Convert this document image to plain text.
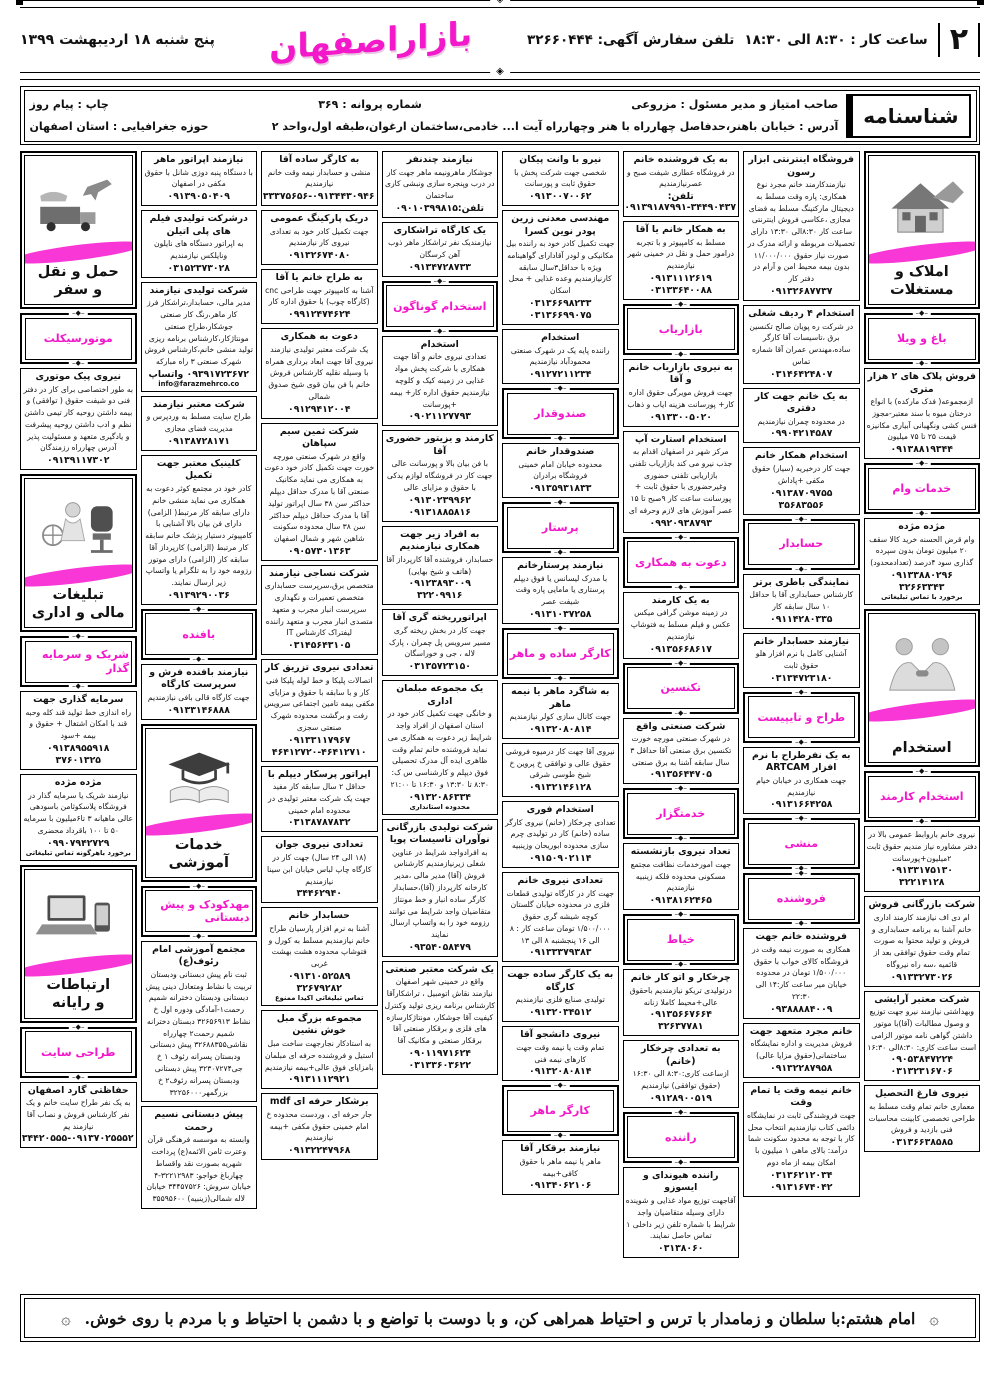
◈
۲
ساعت کار : ۸:۳۰ الی ۱۸:۳۰
تلفن سفارش آگهی: ۳۲۶۶۰۴۴۴
بازاراصفهان
پنج شنبه ۱۸ اردیبهشت ۱۳۹۹
◈
شناسنامه
صاحب امتیاز و مدیر مسئول : مزروعی
شماره پروانه : ۳۶۹
چاپ : پیام روز
آدرس : خیابان باهنر،حدفاصل چهارراه با هنر وچهارراه آیت ا... خادمی،ساختمان ارغوان،طبقه اول،واحد ۲
حوزه جغرافیایی : استان اصفهان
املاک و
مستغلات
–◆– باغ و ویلا
–◆–
فروش پلاک های ۲ هزار متری
ازمجموعه( فدک مارکده) با انواع درختان میوه با سند معتبر-مجوز فنس کشی ونگهبانی آبیاری مکانیزه قیمت ۲۵ تا ۷۵ میلیون
۰۹۱۳۸۸۱۹۳۴۴
–◆– خدمات وام
–◆–
مژده مژده
وام قرض الحسنه خرید کالا سقف ۲۰ میلیون تومان بدون سپرده گذاری سود ۴درصد (تعدادمحدود)
۰۹۱۳۳۸۸۰۲۹۶
۳۲۶۶۳۳۴۳
برخورد با تماس تبلیغاتی
استخدام
–◆– استخدام کارمند
–◆–
نیروی خانم باروابط عمومی بالا در دفتر مشاوره نیاز مندیم حقوق ثابت ۲میلیون+پورسانت
۰۹۱۳۳۱۷۵۱۳۰
۳۲۲۱۴۱۲۸
شرکت بازرگانی فروش
ام دی اف نیازمند کارمند اداری خانم آشنا به برنامه حسابداری و فروش و تولید محتوا به صورت تمام وقت حقوق توافقی بعد از قائمیه ،سه راه نیروگاه
۰۹۱۳۳۲۷۳۰۲۶
شرکت معتبر آرایشی
وبهداشتی نیازمند نیرو جهت توزیع و وصول مطالبات (آقا)با موتور داشتن گواهی نامه موتور الزامی است ساعت کاری: ۸:۳۰الی ۱۶:۳۰
۰۹۰۵۳۸۴۷۲۲۴
۰۳۱۳۲۳۱۶۷۰۶
نیروی فارغ التحصیل
معماری خانم تمام وقت مسلط به طراحی تخصصی کابینت محاسبات فنی بازدید و فروش
۰۳۱۳۶۶۳۸۵۸۵
فروشگاه اینترنتی ابزار رسون
نیازمندکارمند خانم مجرد نوع همکاری: پاره وقت مسلط به دیجیتال مارکتینگ مسلط به فضای مجازی ،عکاسی فروش اینترنتی ساعت کار ۸:۳۰الی ۱۳:۳۰ دارای تحصیلات مربوطه و ارائه مدرک در صورت نیاز حقوق ۱۱/۰۰۰/۰۰۰ بدون بیمه محیط امن و آرام در دفتر کار
۰۹۱۳۲۶۸۷۷۳۷
استخدام ۴ ردیف شغلی
در شرکت ره پویان صالح تکنسین برق ،تاسیسات آقا کارگر ساده،مهندس عمران آقا شماره تماس
۰۳۱۴۶۴۲۴۸۰۷
به یک خانم جهت کار دفتری
در محدوده چمران نیازمندیم
۰۹۹۰۴۲۱۴۵۸۷
استخدام همکار خانم
جهت کار درخیریه (سیار) حقوق مکفی +پاداش
۰۹۱۳۸۷۰۹۷۵۵
۳۵۶۸۳۵۵۶
–◆– حسابدار
–◆–
نمایندگی باطری برتر
کارشناس حسابداری آقا با حداقل ۱۰ سال سابقه کار
۰۹۱۱۴۲۸۰۳۳۵
نیازمند حسابدار خانم
آشنایی کامل با نرم افزار هلو حقوق ثابت
۰۳۱۳۴۷۲۳۱۸۰
–◆– طراح و تایپیست
–◆–
به یک نفرطراح با نرم افزار ARTCAM
جهت همکاری در خیابان خیام نیازمندیم
۰۹۱۳۱۶۶۴۲۵۸
–◆– منشی
–◆–
–◆– فروشنده
–◆–
فروشنده خانم جهت
همکاری به صورت نیمه وقت در فروشگاه کالای خواب با حقوق ۱/۵۰۰/۰۰۰ تومان در محدوده خیابان میر ساعت کار:۱۴ الی ۲۲:۳۰
۰۹۳۸۸۸۸۴۰۰۹
خانم مجرد متعهد جهت
فروش مدیریت و اداره نمایشگاه ساختمانی(حقوق مزایا عالی)
۰۹۱۳۲۲۸۷۹۵۸
خانم نیمه وقت یا تمام وقت
جهت فروشندگی ثابت در نمایشگاه دائمی کتاب نیازمندیم انتخاب محل کار با توجه به محدود سکونت شما درآمد: بالای ماهی ۱ میلیون با امکان بیمه از ماه دوم
۰۳۱۳۶۲۱۲۰۳۴
۰۹۱۳۱۶۷۴۰۴۲
به یک فروشنده خانم
در فروشگاه عطاری شیفت صبح و عصرنیازمندیم
تلفن: ۳۴۴۹۰۴۳۷-۰۹۱۳۹۱۸۷۹۹۱
به همکار خانم یا آقا
مسلط به کامپیوتر و با تجربه درامور حمل و نقل در خمینی شهر نیازمندیم
۰۹۱۳۱۱۱۲۶۱۹
۰۳۱۳۳۶۴۰۰۸۸
–◆– بازاریاب
–◆–
به نیروی بازاریاب خانم و آقا
جهت فروش مویرگی حقوق اداره کار+ پورسانت هزینه ایاب و ذهاب
۰۹۱۳۳۰۰۵۰۲۰
استخدام استارت آپ
مرکز شهر در اصفهان اقدام به جذب نیرو می کند بازاریاب تلفنی بازاریابی تلفنی حضوری وغیرحضوری با حقوق ثابت + پورسانت ساعت کار ۹صبح تا ۱۵ عصر آموزش های لازم وحرفه ای
۰۹۹۲۰۹۳۸۷۹۳
–◆– دعوت به همکاری
–◆–
به یک کارمند
در زمینه موشن گرافی میکس عکس و فیلم مسلط به فتوشاپ نیازمندیم
۰۹۱۳۵۶۶۸۶۱۷
–◆– تکنسین
–◆–
شرکت صنعتی واقع
در شهرک صنعتی مورچه خورت تکنسین برق صنعتی آقا حداقل ۳ سال سابقه آشنا به برق صنعتی
۰۹۱۳۵۶۴۴۷۰۵
–◆– خدمتگزار
–◆–
تعداد نیروی بازنشسته
جهت امورخدمات نظافت مجتمع مسکونی محدوده فلکه زینبیه نیازمندیم
۰۹۱۳۸۱۶۲۴۶۵
–◆– خیاط
–◆–
چرخکار و اتو کار خانم
درتولیدی تریکو نیازمندیم باحقوق عالی+محیط کاملا زنانه
۰۹۱۳۵۶۶۷۶۶۴
۳۲۶۳۷۷۸۱
به تعدادی چرخکار (خانم)
ازساعت کاری:۸:۳۰ الی ۱۶:۳۰ (حقوق توافقی) نیازمندیم
۰۹۱۲۸۹۰۰۵۱۹
–◆– راننده
–◆–
راننده هیوندای و ایسوزو
آقاجهت توزیع مواد غذایی و شوینده دارای وسیله متقاضیان واجد شرایط با شماره تلفن زیر داخلی ۱ تماس حاصل نمایند.
۰۳۱۳۸۰۶۰
نیرو با وانت پیکان
شخصی جهت شرکت پخش با حقوق ثابت و پورسانت
۰۹۱۳۰۰۷۰۰۶۲
مهندسی معدنی زرین پودر نوین کسرا
جهت تکمیل کادر خود به راننده بیل مکانیکی و لودر آقادارای گواهینامه ویژه با حداقل۳سال سابقه کارنیازمندیم وعده غذایی + محل اسکان
۰۳۱۳۶۶۹۸۲۳۳
۰۳۱۳۶۶۹۹۰۷۵
استخدام
راننده پایه یک در شهرک صنعتی محمودآباد نیازمندیم
۰۹۱۲۷۲۱۱۲۳۴
–◆– صندوقدار
–◆–
صندوقدار خانم
محدوده خیابان امام خمینی فروشگاه برادران
۰۹۱۳۵۹۳۱۸۳۳
–◆– پرستار
–◆–
نیازمند پرستارخانم
با مدرک لیسانس یا فوق دیپلم پرستاری یا مامایی پاره وقت شیفت عصر
۰۹۱۳۱۰۳۷۲۵۸
–◆– کارگر ساده و ماهر
–◆–
به شاگرد ماهر یا نیمه ماهر
جهت کانال سازی کولر نیازمندیم
۰۹۱۳۲۰۸۰۸۱۴
نیروی آقا جهت کار درمیوه فروشی حقوق عالی و توافقی خ پروین خ شیخ طوسی شرقی
۰۹۱۳۲۱۴۶۱۲۸
استخدام فوری
تعدادی چرخکار (خانم) نیروی کارگر ساده (خانم) کار در تولیدی چرم سازی محدوده ابوریحان وزینبیه
۰۹۱۵۰۹۰۲۱۱۴
تعدادی نیروی خانم
جهت کار در کارگاه تولیدی قطعات فلزی در محدوده خیابان گلستان کوچه شیشه گری حقوق ۱/۵۰۰/۰۰۰ تومان ساعت کار : ۸ الی ۱۶ پنجشنبه ۸ الی ۱۳
۰۹۱۳۳۳۷۹۳۸۳
به یک کارگر ساده جهت کارگاه
تولیدی صنایع فلزی نیازمندیم
۰۹۱۳۲۰۳۴۵۱۲
نیروی دانشجو آقا
تمام وقت یا نیمه وقت جهت کارهای نیمه فنی
۰۹۱۳۲۰۸۰۸۱۴
–◆– کارگر ماهر
–◆–
نیازمند برقکار آقا
ماهر یا نیمه ماهر با حقوق کافی+بیمه
۰۹۱۳۴۰۶۲۱۰۶
نیازمند چندنفر
جوشکار ماهرونیمه ماهر جهت کار در درب وپنجره سازی ونبشی کاری ساختمان
تلفن:۰۹۰۱۰۳۹۹۸۱۵
یک کارگاه تراشکاری
نیازمندیک نفر تراشکار ماهر ذوب آهن کرسگان
۰۹۱۳۴۷۲۸۷۳۳
–◆– استخدام گوناگون
–◆–
استخدام
تعدادی نیروی خانم و آقا جهت همکاری با شرکت پخش مواد غذایی در زمینه کیک و کلوچه نیازمندیم حقوق اداره کار+ بیمه +پورسانت
۰۹۰۲۱۱۲۷۷۹۳
کارمند و یزیتور حضوری آقا
با فن بیان بالا و پورسانت عالی جهت کار در فروشگاه لوازم یدکی با حقوق و مزایای عالی
۰۹۱۳۰۲۳۹۹۶۲
۰۹۱۳۱۸۸۵۸۱۶
به افراد زیر جهت همکاری نیازمندیم
حسابدار، فروشنده آقا کارپرداز آقا (هاتف و شیخ بهایی)
۰۹۱۲۳۸۹۳۰۰۹
۳۲۲۰۹۹۱۶
اپراتورریخته گری آقا
جهت کار در بخش ریخته گری مسیر سرویس پل چمران ، پارک لاله ، جی و خوراسگان
۰۳۱۳۵۷۲۳۱۵۰
یک مجموعه مبلمان اداری
و خانگی جهت تکمیل کادر خود در استان اصفهان از افراد واجد شرایط زیر دعوت به همکاری می نماید فروشنده خانم تمام وقت ظاهری ایده آل مدرک تحصیلی فوق دیپلم و کارشناسی س ک: ۸:۳۰ تا ۱۳:۳۰ و ۱۶:۳۰ تا ۲۱:۰۰
۰۹۱۳۲۰۸۶۳۳۴
محدوده استانداری
شرکت تولیدی بازرگانی نوآوران تاسیسات پویا
به افرادواجد شرایط در عناوین شغلی زیرنیازمندیم کارشناس فروش (آقا) مدیر مالی ،مدیر کارخانه کارپرداز (آقا)،حسابدار کارگر ساده انبار و خط مونتاژ متقاضیان واجد شرایط می توانند رزومه خود را به واتساپ ارسال نمایند
۰۹۳۵۴۰۵۸۴۷۹
یک شرکت معتبر صنعتی
واقع در خمینی شهر اصفهان نیازمند نقاش اتومبیل ، تراشکارآقا کارشناس برنامه ریزی تولید وکنترل کیفیت آقا جوشکار، مونتاژکارسازه های فلزی و برقکار صنعتی آقا برقکار صنعتی و مکانیک آقا
۰۹۰۱۱۹۷۱۶۲۴
۰۳۱۳۳۶۰۳۶۲۲
به کارگر ساده آقا
منشی و حسابدار نیمه وقت خانم نیازمندیم
۳۳۳۷۵۶۵۶-۰۹۱۳۴۴۳۰۹۴۶
دریک پارکینگ عمومی
جهت تکمیل کادر خود به تعدادی نیروی کار نیازمندیم
۰۹۱۳۲۶۷۴۰۸۰
به طراح خانم یا آقا
آشنا به کامپیوتر جهت طراحی cnc (کارگاه چوب) با حقوق اداره کار
۰۹۹۱۲۴۷۴۶۲۴
دعوت به همکاری
یک شرکت معتبر تولیدی نیازمند نیروی آقا جهت ابعاد برداری همراه با وسیله نقلیه کارشناس فروش خانم با فن بیان قوی شیخ صدوق شمالی
۰۹۱۲۹۴۱۲۰۰۴
شرکت ثمین سیم سپاهان
واقع در شهرک صنعتی مورچه خورت جهت تکمیل کادر خود دعوت به همکاری می نماید مکانیک صنعتی آقا با مدرک حداقل دیپلم حداکثر سن ۳۸ سال اپراتور تولید آقا با مدرک حداقل دیپلم حداکثر سن ۳۸ سال محدوده سکونت شاهین شهر و شمال اصفهان
۰۹۰۵۷۳۰۱۳۶۳
شرکت نساجی نیازمند
متخصص برق،سرپرست حسابداری متخصص تعمیرات و نگهداری سرپرست انبار مجرب و متعهد متصدی انبار مجرب و متعهد راننده لیفتراک کارشناس IT
۰۳۱۴۵۶۴۳۱۰۵
تعدادی نیروی تزریق کار
اتصالات پلیکا و خط لوله پلیکا فنی کار و با سابقه با حقوق و مزایای مکفی بیمه تامین اجتماعی سرویس رفت و برگشت محدوده شهرک صنعتی سجزی
۰۹۱۳۳۱۱۷۹۶۷
۴۶۴۱۲۷۲۰-۴۶۴۱۲۷۱۰
اپراتور پرسکار دیپلم با
حداقل ۲ سال سابقه کار مفید جهت یک شرکت معتبر تولیدی در محدوده امام خمینی
۰۳۱۳۸۷۸۷۸۳۲
تعدادی نیروی جوان
(۱۸ الی ۲۴ سال) جهت کار در کارگاه چاپ لباس خیابان ابن سینا نیازمندیم
۳۴۴۶۲۹۴۰
حسابدار خانم
آشنا به نرم افزار پارسیان طراح خانم نیازمندیم مسلط به کورل و فتوشاپ محدوده هشت بهشت غربی
۰۹۱۳۱۰۵۲۵۸۹
۳۲۶۷۹۲۸۲
تماس تبلیغاتی اکیدا ممنوع
مجموعه بزرگ مبل خوش نشین
به استادکار نجارجهت ساخت مبل استیل و فروشنده حرفه ای مبلمان بامزایای فوق عالی+بیمه نیازمندیم
۰۹۱۳۱۱۱۲۹۲۱
برشکار حرفه ای mdf
جار حرفه ای ، وردست محدوده خ امام خمینی حقوق مکفی +بیمه نیازمندیم
۰۹۱۳۲۲۴۷۹۶۸
نیازمند اپراتور ماهر
با دستگاه پنبه دوزی شانل با حقوق مکفی در اصفهان
۰۹۱۳۹۰۵۰۴۰۹
درشرکت تولیدی فیلم های پلی اتیلن
به اپراتور دستگاه های نایلون ونایلکس نیازمندیم
۰۳۱۵۲۳۷۳۰۲۸
شرکت تولیدی نیازمند
مدیر مالی، حسابدار،تراشکار فرز کار ماهر،رنگ کار صنعتی جوشکار،طراح صنعتی مونتاژکار،کارشناس برنامه ریزی تولید منشی خانم،کارشناس فروش شهرک صنعتی ۳ راه مبارکه
۰۹۳۹۱۷۲۳۶۷۲ واتساپ
info@farazmehrco.co
شرکت معتبر نیازمند
طراح سایت مسلط به وردپرس و مدیریت فضای مجازی
۰۹۱۳۸۷۲۸۱۷۱
کلینیک معتبر جهت تکمیل
کادر خود در مجتمع کوثر دعوت به همکاری می نماید منشی خانم دارای سابقه کار مرتبط( الزامی) دارای فن بیان بالا آشنایی با کامپیوتر دستیار پزشک خانم سابقه کار مرتبط (الزامی) کارپرداز آقا سابقه کار (الزامی) دارای موتور رزومه خود را به تلگرام یا واتساپ زیر ارسال نمایند.
۰۹۱۳۹۲۹۰۰۳۶
–◆– بافنده
–◆–
نیازمند بافنده فرش و سرپرست کارگاه
جهت کارگاه قالی بافی نیازمندیم
۰۹۱۳۳۱۴۶۸۸۸
خدمات
آموزشی
–◆– مهدکودک و پیش دبستانی
–◆–
مجتمع آموزشی امام رئوف(ع)
ثبت نام پیش دبستانی ودبستان تربیت با نشاط ومتعادل دینی پیش دبستانی ودبستان دخترانه شمیم رحمت۱-آمادگی ودوره اول خ نشاط ۳۲۶۵۶۹۱۳ دبستان دخترانه شمیم رحمت۲ چهارراه نقاشی۳۲۶۸۸۳۵۵ پیش دبستانی ودبستان پسرانه رئوف ۱ خ جی۳۲۳۰۷۲۷۴ پیش دبستانی ودبستان پسرانه رئوف۲ خ بزرگمهر۳۲۲۵۶۰۰۰
پیش دبستانی نسیم رحمت
وابسته به موسسه فرهنگی قرآن وعترت ثامن الائمه(ع) پرداخت شهریه بصورت نقد واقساط چهارباغ خواجو: ۳۲۲۱۲۹۸۳-۴ خیابان سروش: ۳۴۴۵۷۵۲۶ خیابان لاله شمالی(زینبیه) ۳۵۵۹۵۶۰۰
حمل و نقل
و سفر
–◆– موتورسیکلت
–◆–
نیروی پیک موتوری
به طور اختصاصی برای کار در دفتر فنی دو شیفت حقوق ( توافقی) و بیمه داشتن روحیه کار تیمی داشتن نظم و ادب داشتن روحیه پیشرفت و یادگیری متعهد و مسئولیت پذیر آدرس چهارراه رزمندگان
۰۹۱۳۹۱۱۷۳۰۲
تبلیغات
مالی و اداری
–◆– شریک و سرمایه گذار
–◆–
سرمایه گذاری جهت
راه اندازی خط تولید قند کله وحبه قند با امکان اشتغال + حقوق و بیمه +سود
۰۹۱۳۸۹۵۵۹۱۸
۳۷۶۰۱۳۲۵
مژده مژده
نیازمند شریک یا سرمایه گذار در فروشگاه پلاسکوثامن باسودهی عالی ماهیانه ۳ تا۶میلیون با سرمایه ۵۰ تا ۱۰۰ باقرداد محضری
۰۹۹۰۷۹۴۲۷۲۹
برخورد باهرگونه تماس تبلیغاتی
ارتباطات
و رایانه
–◆– طراحی سایت
–◆–
حفاظتی گارد اصفهان
به یک نفر طراح سایت خانم و یک نفر کارشناس فروش و نصاب آقا نیازمند یم
۳۴۴۲۰۵۵۵-۰۹۱۳۷۰۲۵۵۵۲
۞
امام هشتم:با سلطان و زمامدار با ترس و احتیاط همراهی کن، و با دوست با تواضع و با دشمن با احتیاط و با مردم با روی خوش.
۞
